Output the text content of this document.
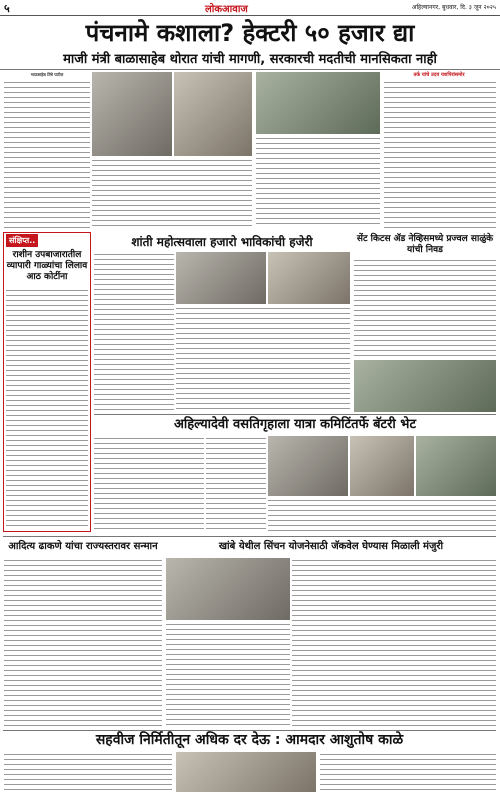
५	लोकआवाज	अहिल्यानगर, बुधवार, दि. ३ जून २०२५
पंचनामे कशाला? हेक्टरी ५० हजार द्या
माजी मंत्री बाळासाहेब थोरात यांची मागणी, सरकारची मदतीची मानसिकता नाही
भाऊसाहेब तिंबे पाटील	तर्क यांचे उदय यशपिरांसमोर
संक्षिप्त..
राशीन उपबाजारातील व्यापारी गाळ्यांचा लिलाव आठ कोटींना
शांती महोत्सवाला हजारो भाविकांची हजेरी	सेंट किटस ॲड नेव्हिसमध्ये प्रज्वल साळुंके यांची निवड
अहिल्यादेवी वसतिगृहाला यात्रा कमिटिंतर्फे बॅटरी भेट
आदित्य ढाकणे यांचा राज्यस्तरावर सन्मान	खांबे येथील सिंचन योजनेसाठी जॅकवेल घेण्यास मिळाली मंजुरी
सहवीज निर्मितीतून अधिक दर देऊ : आमदार आशुतोष काळे
